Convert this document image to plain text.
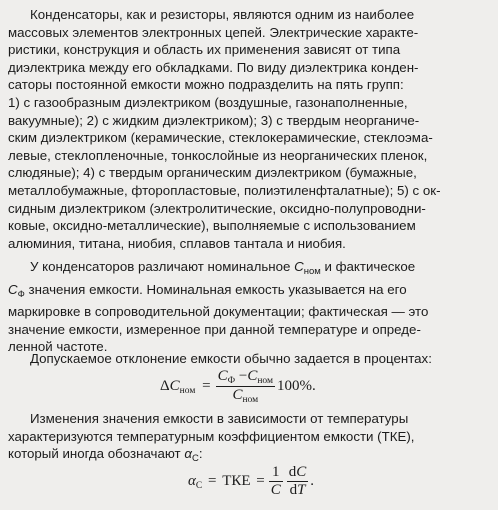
Конденсаторы, как и резисторы, являются одним из наиболее
массовых элементов электронных цепей. Электрические характе-
ристики, конструкция и область их применения зависят от типа
диэлектрика между его обкладками. По виду диэлектрика конден-
саторы постоянной емкости можно подразделить на пять групп:
1) с газообразным диэлектриком (воздушные, газонаполненные,
вакуумные); 2) с жидким диэлектриком); 3) с твердым неорганиче-
ским диэлектриком (керамические, стеклокерамические, стеклоэма-
левые, стеклопленочные, тонкослойные из неорганических пленок,
слюдяные); 4) с твердым органическим диэлектриком (бумажные,
металлобумажные, фторопластовые, полиэтиленфталатные); 5) с ок-
сидным диэлектриком (электролитические, оксидно-полупроводни-
ковые, оксидно-металлические), выполняемые с использованием
алюминия, титана, ниобия, сплавов тантала и ниобия.
У конденсаторов различают номинальное $C_{ном}$ и фактическое
$C_Ф$ значения емкости. Номинальная емкость указывается на его
маркировке в сопроводительной документации; фактическая — это
значение емкости, измеренное при данной температуре и опреде-
ленной частоте.
Допускаемое отклонение емкости обычно задается в процентах:
$\Delta C_{ном} = \frac{C_Ф -C_{ном}}{C_{ном}} 100\%$.
Изменения значения емкости в зависимости от температуры
характеризуются температурным коэффициентом емкости (ТКЕ),
который иногда обозначают $\alpha_C$:
$\alpha_C$ = ТКЕ = $\frac{1}{C} \frac{dC}{dT}$ .
